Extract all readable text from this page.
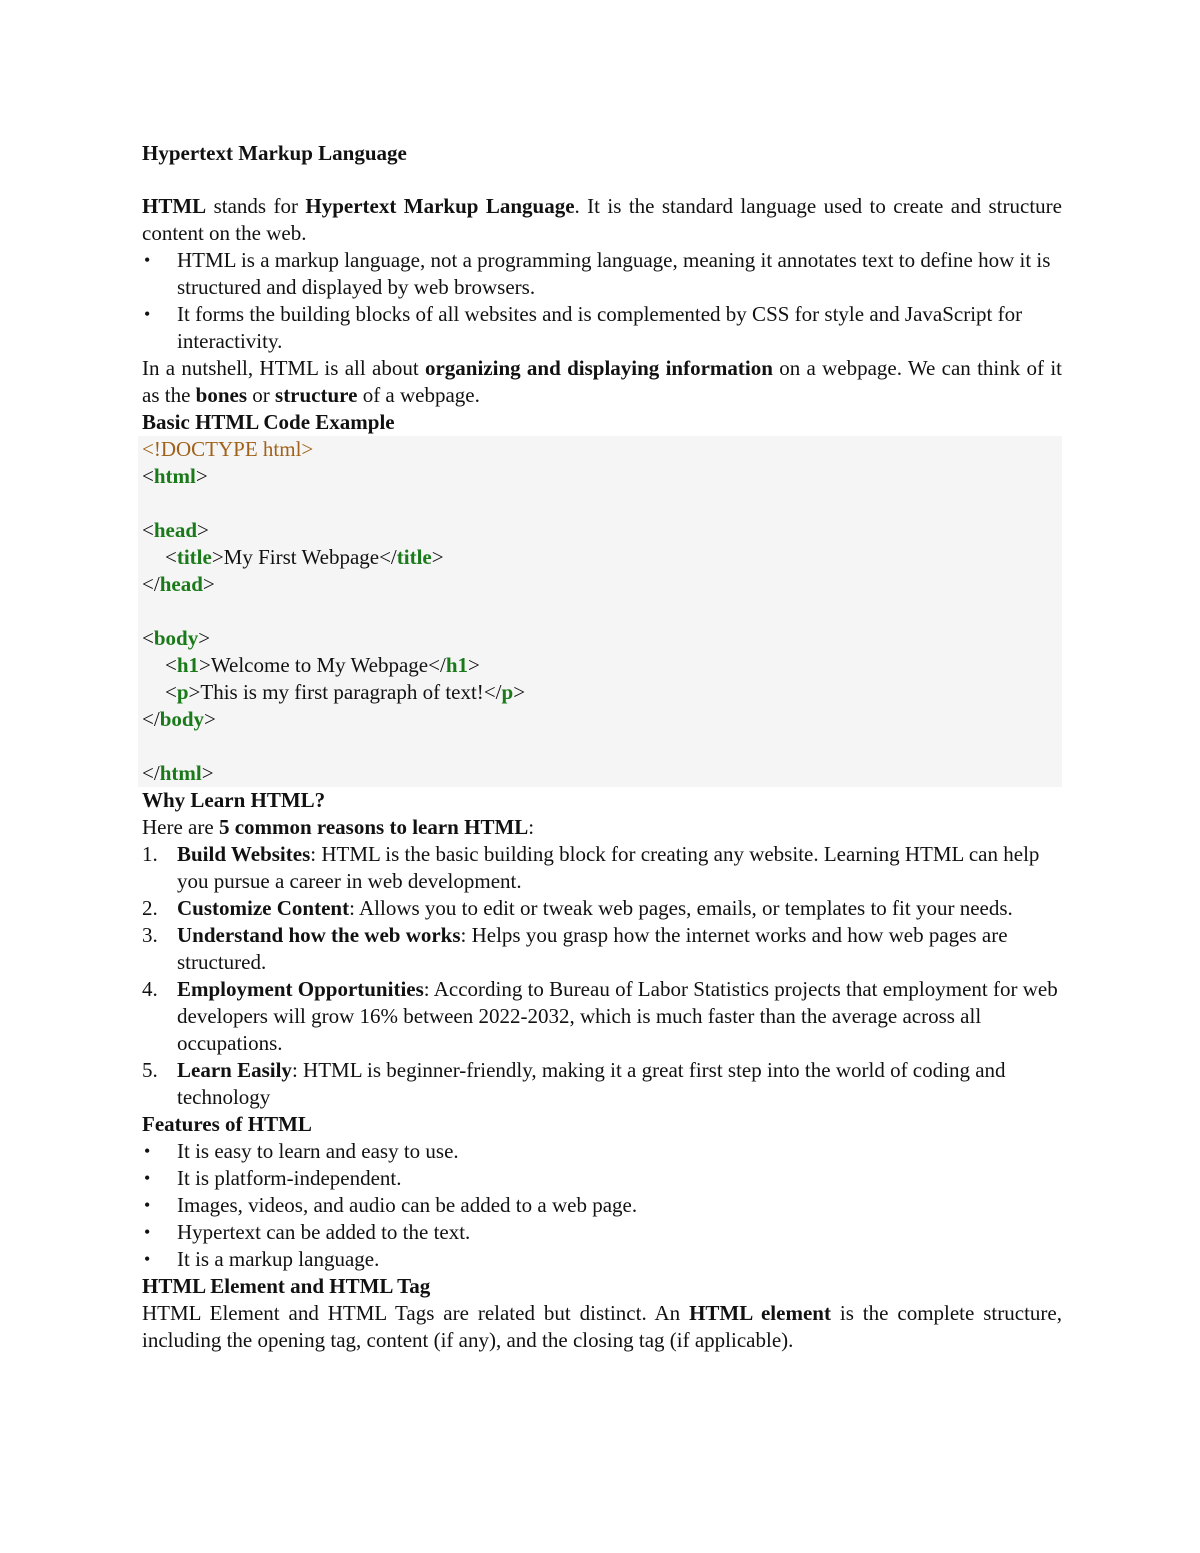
Hypertext Markup Language

HTML stands for Hypertext Markup Language. It is the standard language used to create and structure content on the web.

• HTML is a markup language, not a programming language, meaning it annotates text to define how it is structured and displayed by web browsers.
• It forms the building blocks of all websites and is complemented by CSS for style and JavaScript for interactivity.

In a nutshell, HTML is all about organizing and displaying information on a webpage. We can think of it as the bones or structure of a webpage.

Basic HTML Code Example
<!DOCTYPE html>
<html>
<head>
<title>My First Webpage</title>
</head>
<body>
<h1>Welcome to My Webpage</h1>
<p>This is my first paragraph of text!</p>
</body>
</html>
Why Learn HTML?

Here are 5 common reasons to learn HTML:

1. Build Websites: HTML is the basic building block for creating any website. Learning HTML can help you pursue a career in web development.
2. Customize Content: Allows you to edit or tweak web pages, emails, or templates to fit your needs.
3. Understand how the web works: Helps you grasp how the internet works and how web pages are structured.
4. Employment Opportunities: According to Bureau of Labor Statistics projects that employment for web developers will grow 16% between 2022-2032, which is much faster than the average across all occupations.
5. Learn Easily: HTML is beginner-friendly, making it a great first step into the world of coding and technology
Features of HTML
• It is easy to learn and easy to use.
• It is platform-independent.
• Images, videos, and audio can be added to a web page.
• Hypertext can be added to the text.
• It is a markup language.
HTML Element and HTML Tag

HTML Element and HTML Tags are related but distinct. An HTML element is the complete structure, including the opening tag, content (if any), and the closing tag (if applicable).
